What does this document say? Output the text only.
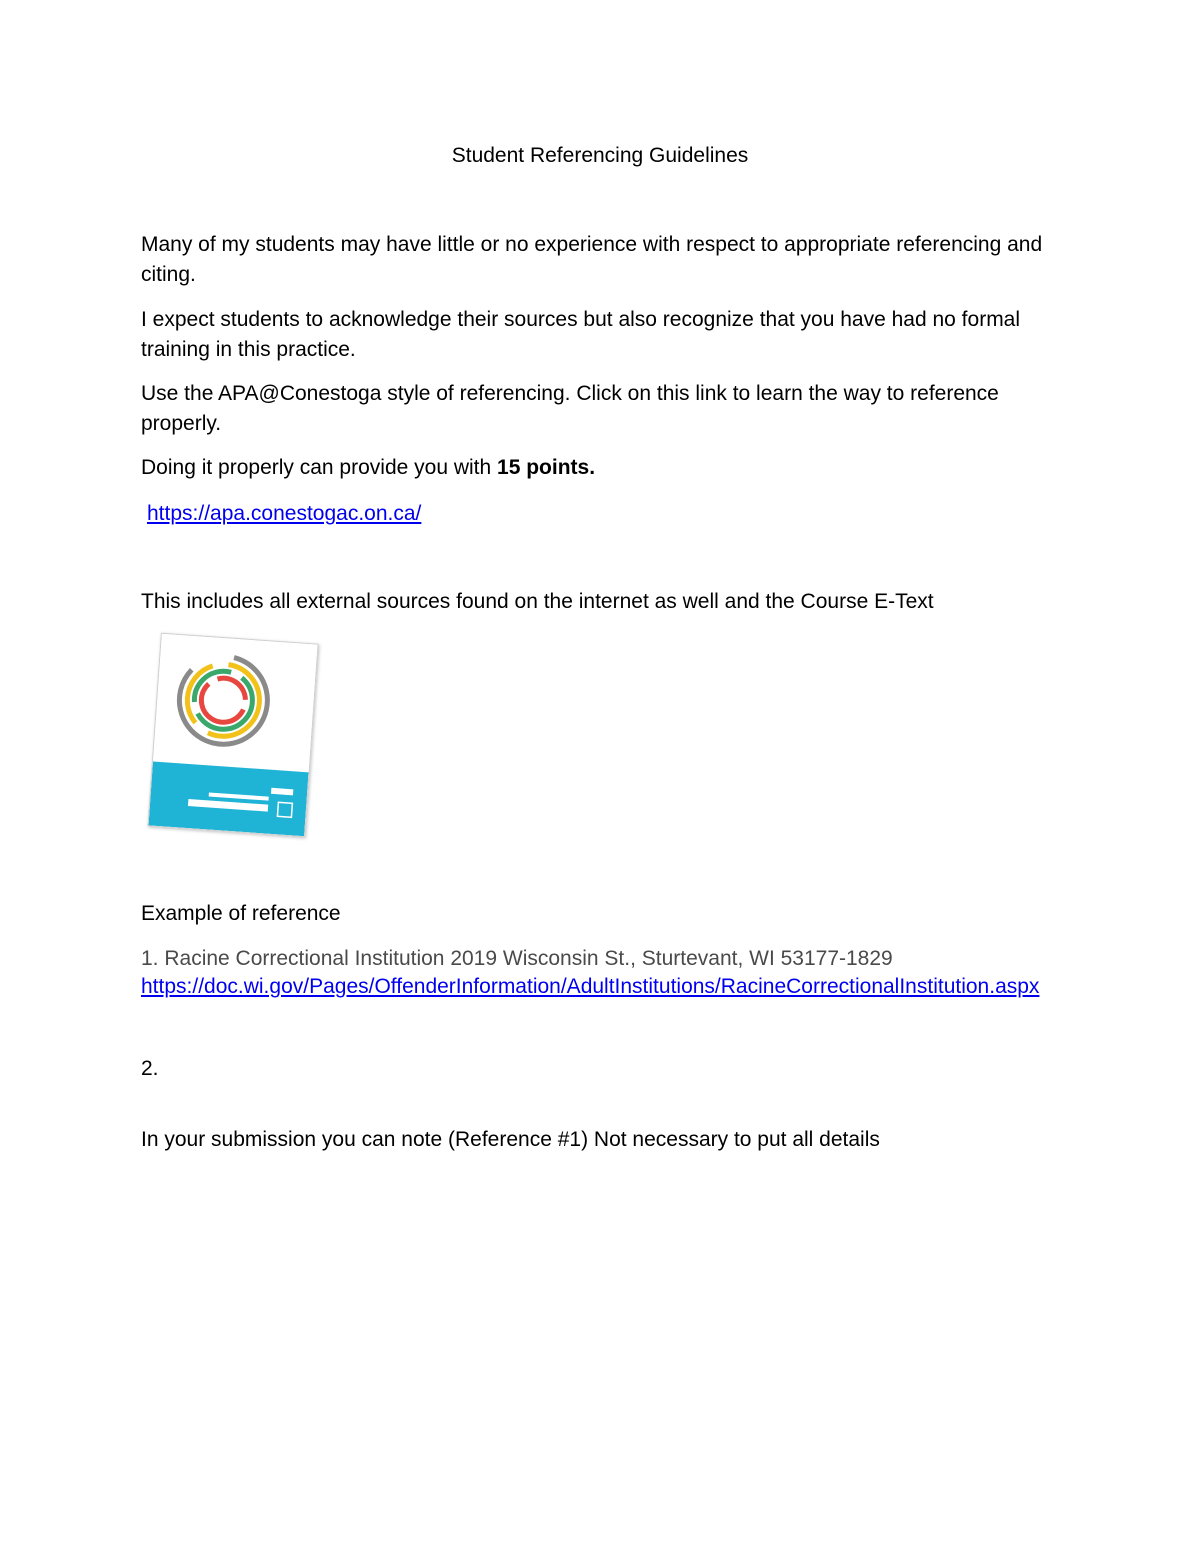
Student Referencing Guidelines

Many of my students may have little or no experience with respect to appropriate referencing and citing.

I expect students to acknowledge their sources but also recognize that you have had no formal training in this practice.

Use the APA@Conestoga style of referencing. Click on this link to learn the way to reference properly.

Doing it properly can provide you with 15 points.

https://apa.conestogac.on.ca/

This includes all external sources found on the internet as well and the Course E-Text

Example of reference

1. Racine Correctional Institution 2019 Wisconsin St., Sturtevant, WI 53177-1829

https://doc.wi.gov/Pages/OffenderInformation/AdultInstitutions/RacineCorrectionalInstitution.aspx

2.

In your submission you can note (Reference #1) Not necessary to put all details
